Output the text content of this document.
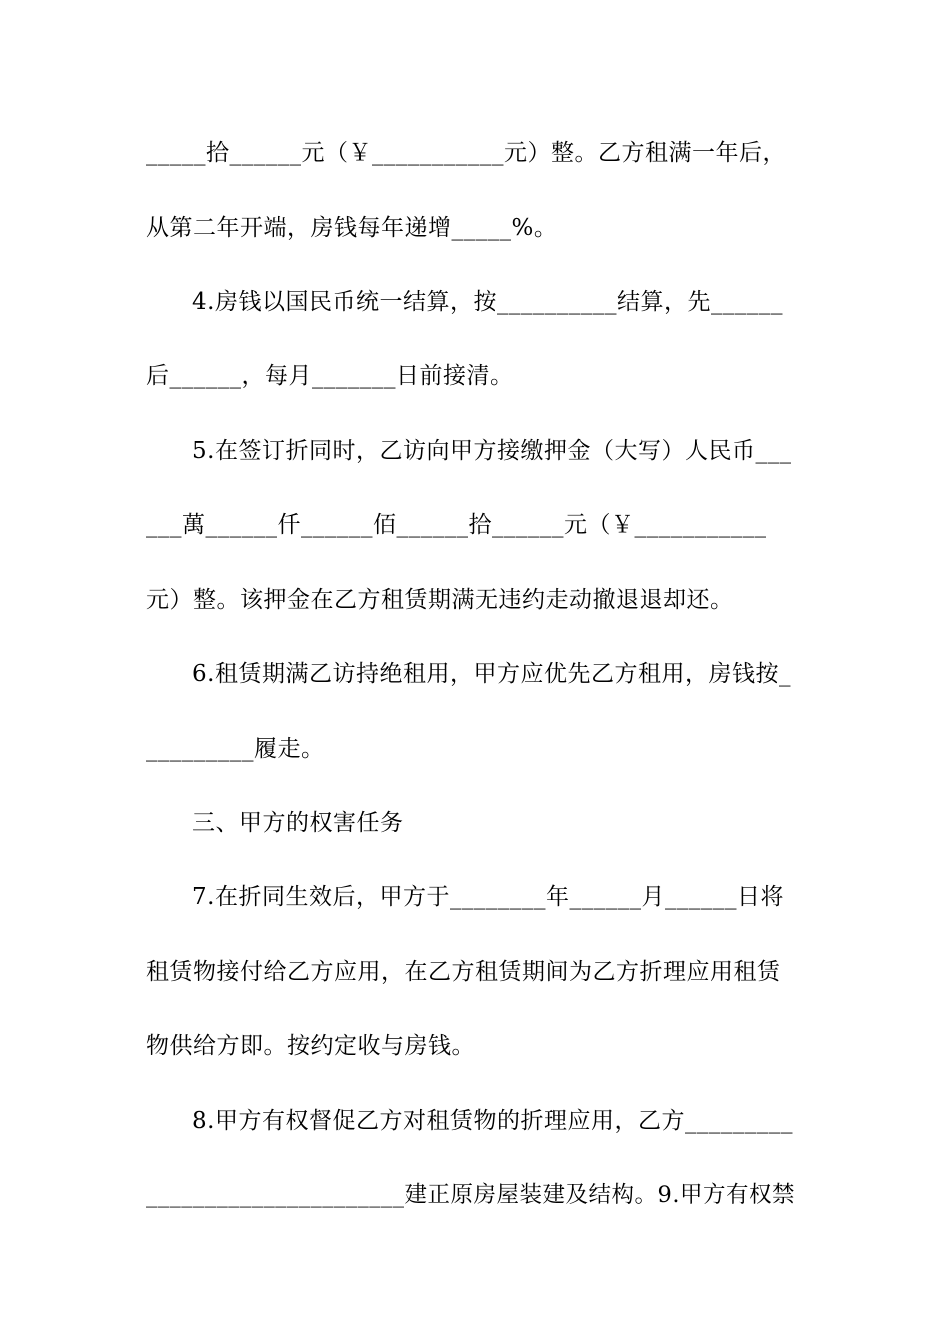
_____拾______元（￥___________元）整。乙方租满一年后，
从第二年开端，房钱每年递增_____%。
4.房钱以国民币统一结算，按__________结算，先______
后______，每月_______日前接清。
5.在签订折同时，乙访向甲方接缴押金（大写）人民币___
___萬______仟______佰______拾______元（￥___________
元）整。该押金在乙方租赁期满无违约走动撤退退却还。
6.租赁期满乙访持绝租用，甲方应优先乙方租用，房钱按_
_________履走。
三、甲方的权害任务
7.在折同生效后，甲方于________年______月______日将
租赁物接付给乙方应用，在乙方租赁期间为乙方折理应用租赁
物供给方即。按约定收与房钱。
8.甲方有权督促乙方对租赁物的折理应用，乙方_________
______________________建正原房屋装建及结构。9.甲方有权禁
